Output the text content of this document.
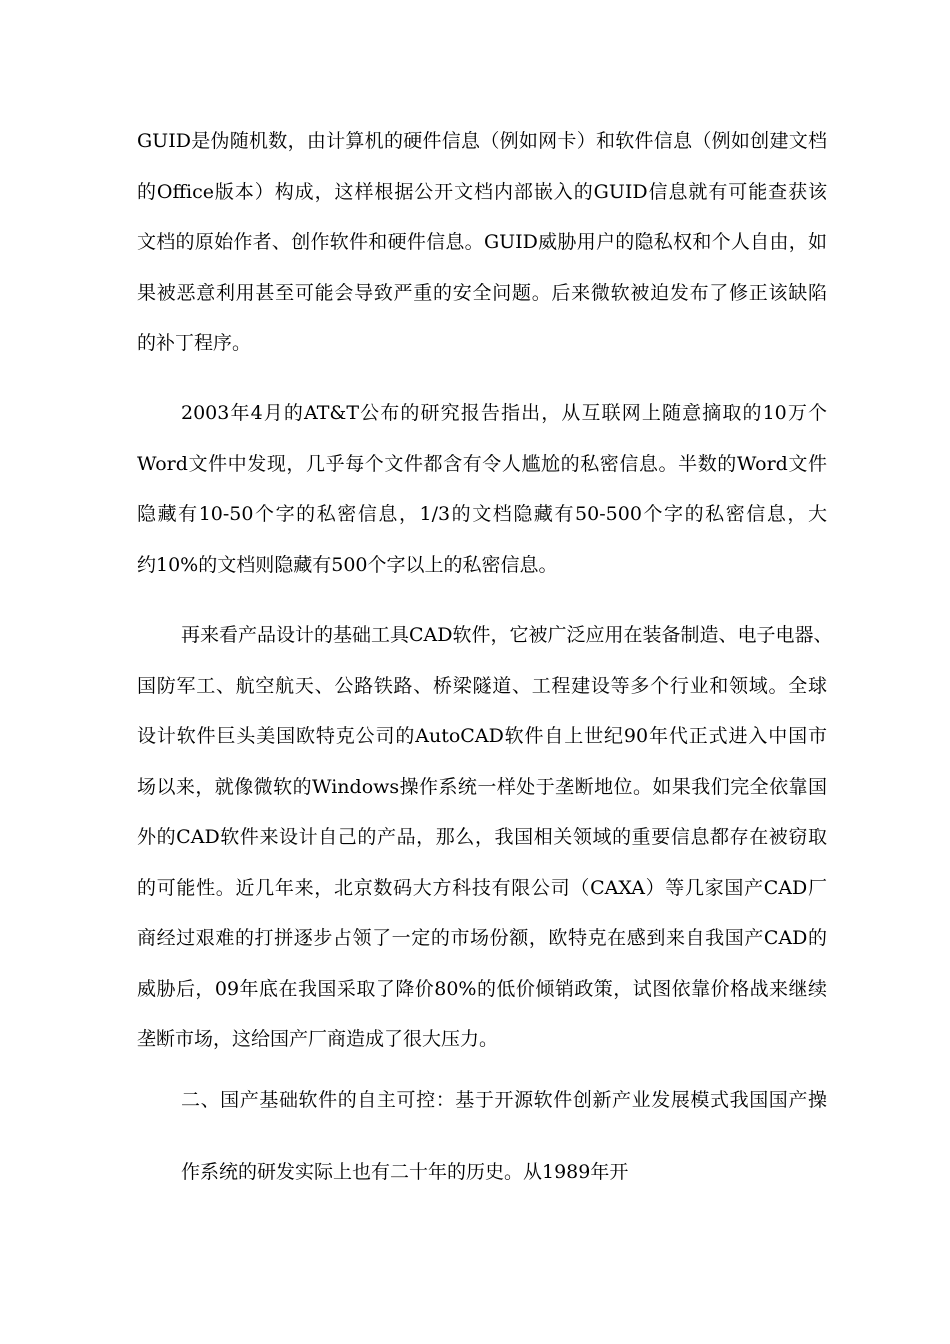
GUID是伪随机数，由计算机的硬件信息（例如网卡）和软件信息（例如创建文档
的Office版本）构成，这样根据公开文档内部嵌入的GUID信息就有可能查获该
文档的原始作者、创作软件和硬件信息。GUID威胁用户的隐私权和个人自由，如
果被恶意利用甚至可能会导致严重的安全问题。后来微软被迫发布了修正该缺陷
的补丁程序。
2003年4月的AT&T公布的研究报告指出，从互联网上随意摘取的10万个
Word文件中发现，几乎每个文件都含有令人尴尬的私密信息。半数的Word文件
隐藏有10-50个字的私密信息，1/3的文档隐藏有50-500个字的私密信息，大
约10%的文档则隐藏有500个字以上的私密信息。
再来看产品设计的基础工具CAD软件，它被广泛应用在装备制造、电子电器、
国防军工、航空航天、公路铁路、桥梁隧道、工程建设等多个行业和领域。全球
设计软件巨头美国欧特克公司的AutoCAD软件自上世纪90年代正式进入中国市
场以来，就像微软的Windows操作系统一样处于垄断地位。如果我们完全依靠国
外的CAD软件来设计自己的产品，那么，我国相关领域的重要信息都存在被窃取
的可能性。近几年来，北京数码大方科技有限公司（CAXA）等几家国产CAD厂
商经过艰难的打拼逐步占领了一定的市场份额，欧特克在感到来自我国产CAD的
威胁后，09年底在我国采取了降价80%的低价倾销政策，试图依靠价格战来继续
垄断市场，这给国产厂商造成了很大压力。
二、国产基础软件的自主可控：基于开源软件创新产业发展模式我国国产操
作系统的研发实际上也有二十年的历史。从1989年开
